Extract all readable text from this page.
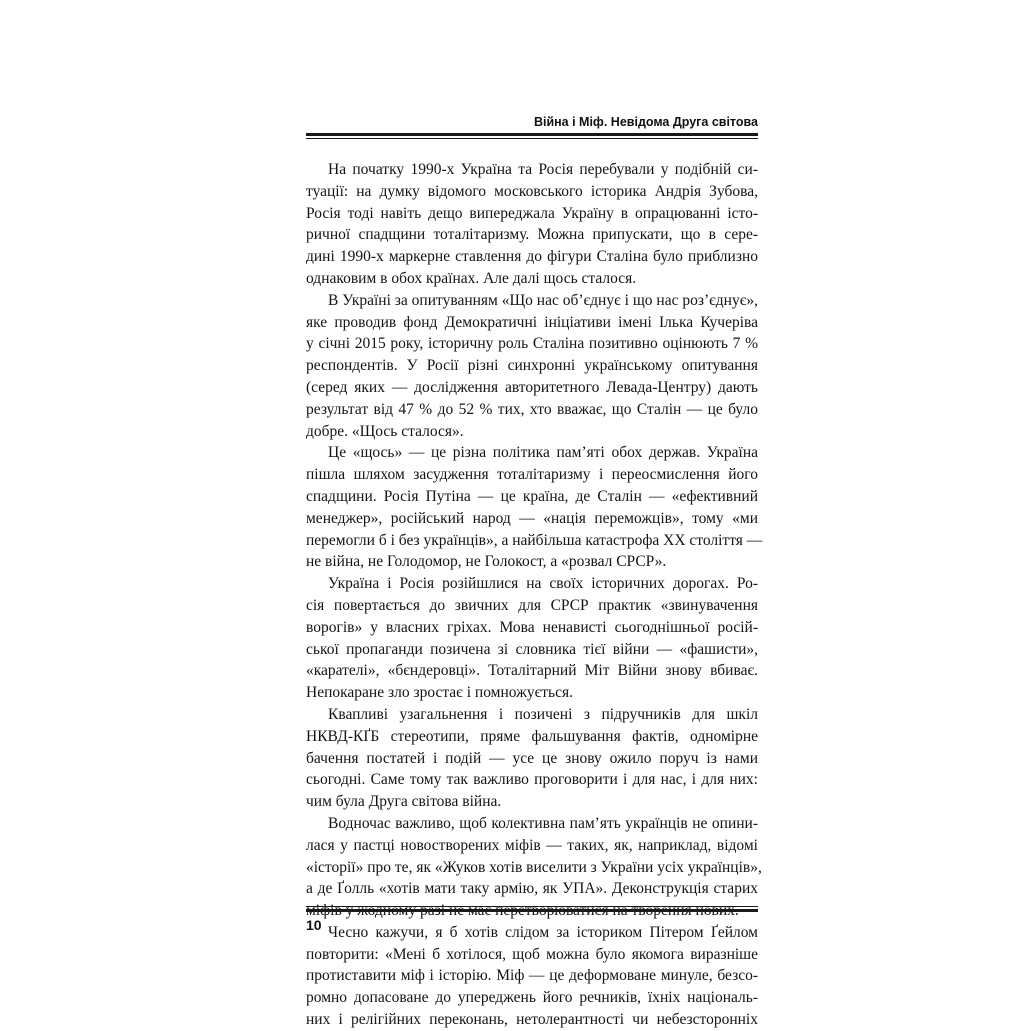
Війна і Міф. Невідома Друга світова
На початку 1990-х Україна та Росія перебували у подібній си-
туації: на думку відомого московського історика Андрія Зубова,
Росія тоді навіть дещо випереджала Україну в опрацюванні істо-
ричної спадщини тоталітаризму. Можна припускати, що в сере-
дині 1990-х маркерне ставлення до фігури Сталіна було приблизно
однаковим в обох країнах. Але далі щось сталося.
В Україні за опитуванням «Що нас об’єднує і що нас роз’єднує»,
яке проводив фонд Демократичні ініціативи імені Ілька Кучеріва
у січні 2015 року, історичну роль Сталіна позитивно оцінюють 7 %
респондентів. У Росії різні синхронні українському опитування
(серед яких — дослідження авторитетного Левада-Центру) дають
результат від 47 % до 52 % тих, хто вважає, що Сталін — це було
добре. «Щось сталося».
Це «щось» — це різна політика пам’яті обох держав. Україна
пішла шляхом засудження тоталітаризму і переосмислення його
спадщини. Росія Путіна — це країна, де Сталін — «ефективний
менеджер», російський народ — «нація переможців», тому «ми
перемогли б і без українців», а найбільша катастрофа ХХ століття —
не війна, не Голодомор, не Голокост, а «розвал СРСР».
Україна і Росія розійшлися на своїх історичних дорогах. Ро-
сія повертається до звичних для СРСР практик «звинувачення
ворогів» у власних гріхах. Мова ненависті сьогоднішньої росій-
ської пропаганди позичена зі словника тієї війни — «фашисти»,
«карателі», «бєндеровці». Тоталітарний Міт Війни знову вбиває.
Непокаране зло зростає і помножується.
Квапливі узагальнення і позичені з підручників для шкіл
НКВД-КҐБ стереотипи, пряме фальшування фактів, одномірне
бачення постатей і подій — усе це знову ожило поруч із нами
сьогодні. Саме тому так важливо проговорити і для нас, і для них:
чим була Друга світова війна.
Водночас важливо, щоб колективна пам’ять українців не опини-
лася у пастці новостворених міфів — таких, як, наприклад, відомі
«історії» про те, як «Жуков хотів виселити з України усіх українців»,
а де Ґолль «хотів мати таку армію, як УПА». Деконструкція старих
Чесно кажучи, я б хотів слідом за істориком Пітером Ґейлом
повторити: «Мені б хотілося, щоб можна було якомога виразніше
протиставити міф і історію. Міф — це деформоване минуле, безсо-
ромно допасоване до упереджень його речників, їхніх національ-
них і релігійних переконань, нетолерантності чи небезсторонніх
10
